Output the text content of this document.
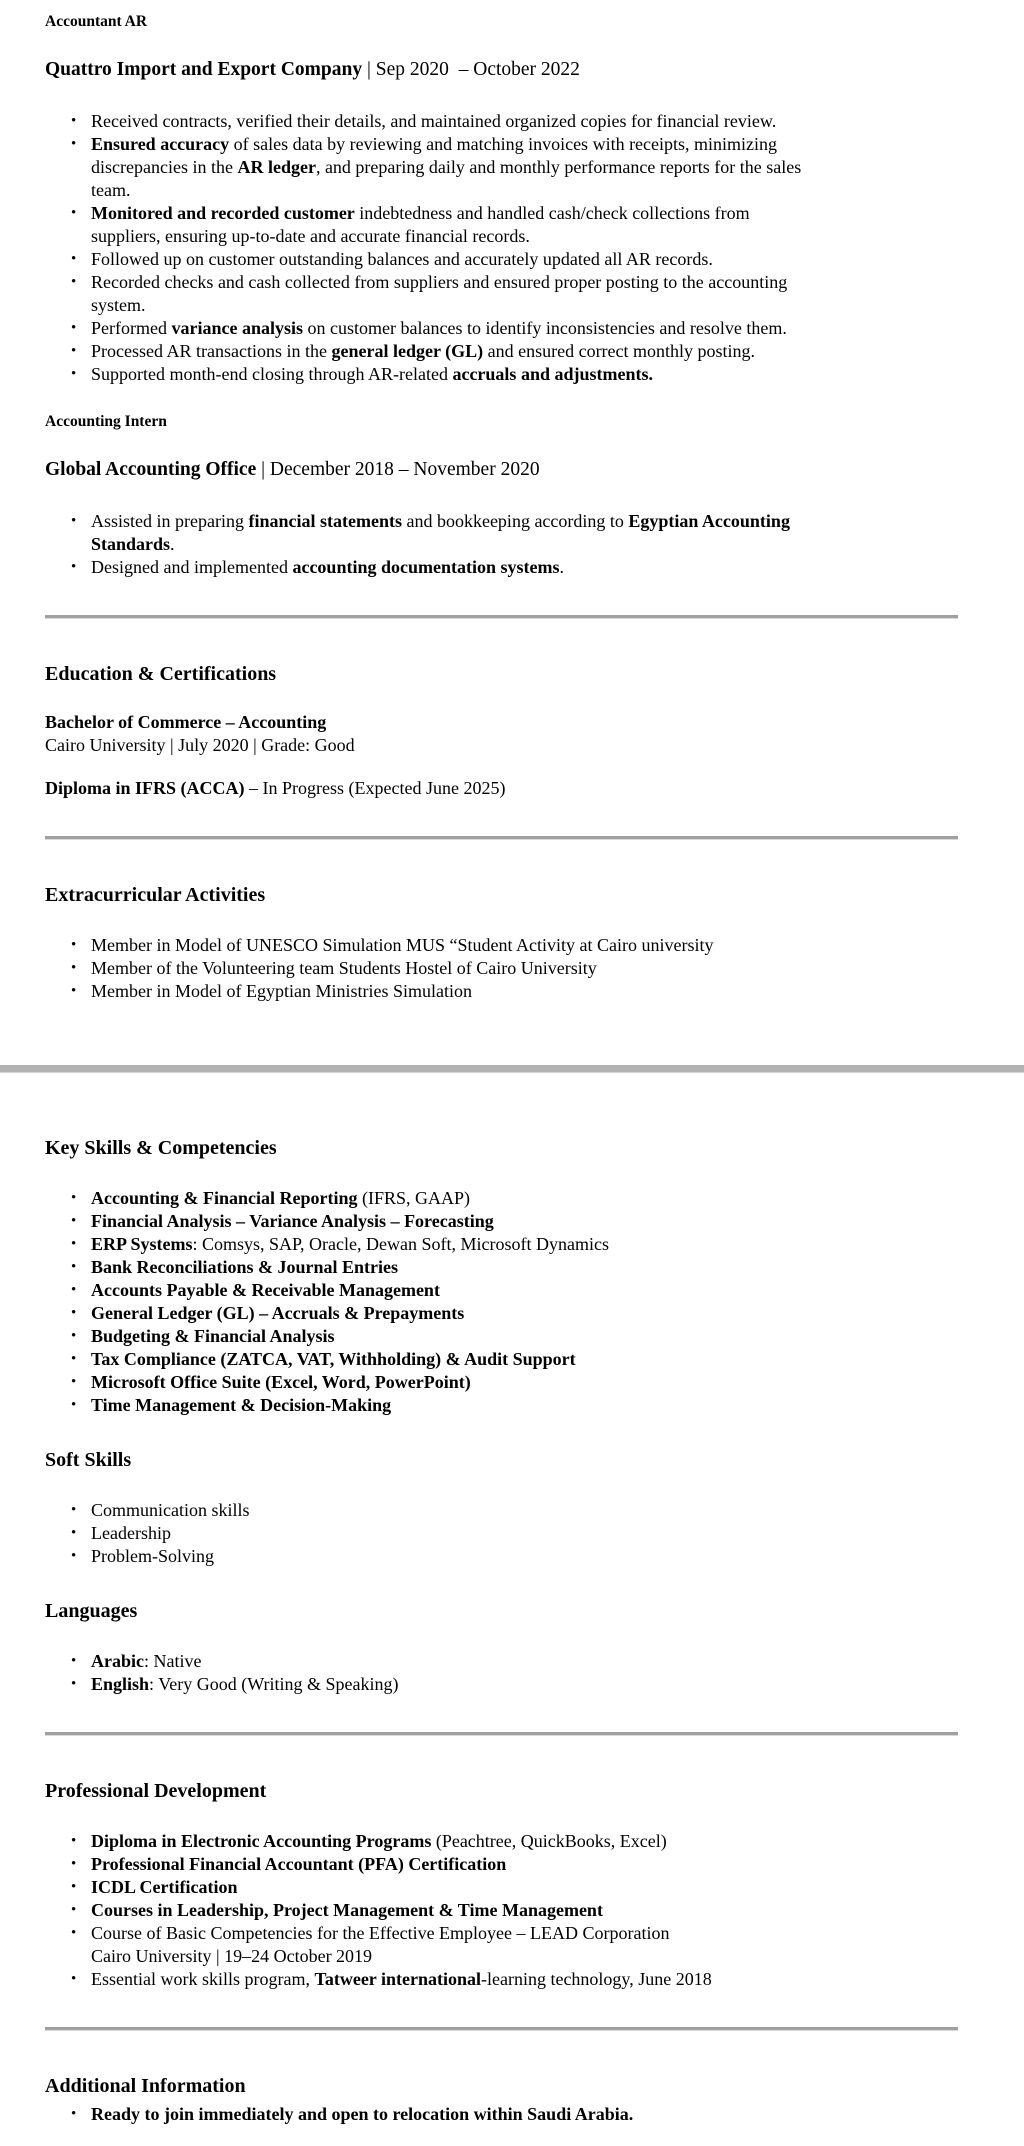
Accountant AR
Quattro Import and Export Company | Sep 2020  – October 2022
• Received contracts, verified their details, and maintained organized copies for financial review.
• Ensured accuracy of sales data by reviewing and matching invoices with receipts, minimizing
discrepancies in the AR ledger, and preparing daily and monthly performance reports for the sales
team.
• Monitored and recorded customer indebtedness and handled cash/check collections from
suppliers, ensuring up-to-date and accurate financial records.
• Followed up on customer outstanding balances and accurately updated all AR records.
• Recorded checks and cash collected from suppliers and ensured proper posting to the accounting
system.
• Performed variance analysis on customer balances to identify inconsistencies and resolve them.
• Processed AR transactions in the general ledger (GL) and ensured correct monthly posting.
• Supported month-end closing through AR-related accruals and adjustments.
Accounting Intern
Global Accounting Office | December 2018 – November 2020
• Assisted in preparing financial statements and bookkeeping according to Egyptian Accounting
Standards.
• Designed and implemented accounting documentation systems.
Education & Certifications
Bachelor of Commerce – Accounting
Cairo University | July 2020 | Grade: Good
Diploma in IFRS (ACCA) – In Progress (Expected June 2025)
Extracurricular Activities
• Member in Model of UNESCO Simulation MUS “Student Activity at Cairo university
• Member of the Volunteering team Students Hostel of Cairo University
• Member in Model of Egyptian Ministries Simulation
Key Skills & Competencies
• Accounting & Financial Reporting (IFRS, GAAP)
• Financial Analysis – Variance Analysis – Forecasting
• ERP Systems: Comsys, SAP, Oracle, Dewan Soft, Microsoft Dynamics
• Bank Reconciliations & Journal Entries
• Accounts Payable & Receivable Management
• General Ledger (GL) – Accruals & Prepayments
• Budgeting & Financial Analysis
• Tax Compliance (ZATCA, VAT, Withholding) & Audit Support
• Microsoft Office Suite (Excel, Word, PowerPoint)
• Time Management & Decision-Making
Soft Skills
• Communication skills
• Leadership
• Problem-Solving
Languages
• Arabic: Native
• English: Very Good (Writing & Speaking)
Professional Development
• Diploma in Electronic Accounting Programs (Peachtree, QuickBooks, Excel)
• Professional Financial Accountant (PFA) Certification
• ICDL Certification
• Courses in Leadership, Project Management & Time Management
• Course of Basic Competencies for the Effective Employee – LEAD Corporation
Cairo University | 19–24 October 2019
• Essential work skills program, Tatweer international-learning technology, June 2018
Additional Information
• Ready to join immediately and open to relocation within Saudi Arabia.
